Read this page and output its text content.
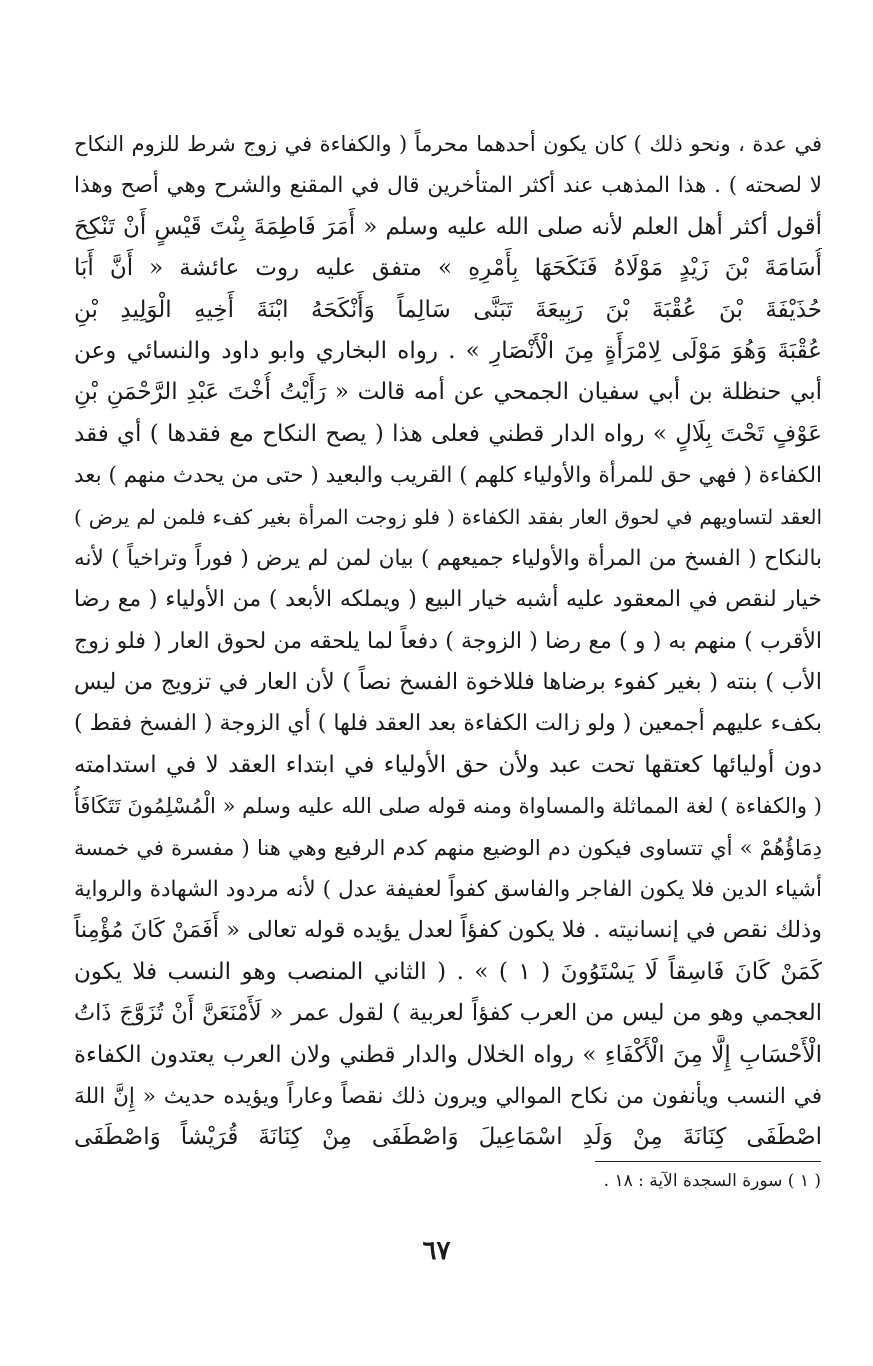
في عدة ، ونحو ذلك ) كان يكون أحدهما محرماً ( والكفاءة في زوج شرط للزوم النكاح
لا لصحته ) . هذا المذهب عند أكثر المتأخرين قال في المقنع والشرح وهي أصح وهذا
أقول أكثر أهل العلم لأنه صلى الله عليه وسلم « أَمَرَ فَاطِمَةَ بِنْتَ قَيْسٍ أَنْ تَنْكِحَ
أُسَامَةَ بْنَ زَيْدٍ مَوْلَاهُ فَنَكَحَهَا بِأَمْرِهِ » متفق عليه روت عائشة « أَنَّ أَبَا
حُذَيْفَةَ بْنَ عُقْبَةَ بْنَ رَبِيعَةَ تَبَنَّى سَالِماً وَأَنْكَحَهُ ابْنَةَ أَخِيهِ الْوَلِيدِ بْنِ
عُقْبَةَ وَهُوَ مَوْلَى لِامْرَأَةٍ مِنَ الْأَنْصَارِ » . رواه البخاري وابو داود والنسائي وعن
أبي حنظلة بن أبي سفيان الجمحي عن أمه قالت « رَأَيْتُ أُخْتَ عَبْدِ الرَّحْمَنِ بْنِ
عَوْفٍ تَحْتَ بِلَالٍ » رواه الدار قطني فعلى هذا ( يصح النكاح مع فقدها ) أي فقد
الكفاءة ( فهي حق للمرأة والأولياء كلهم ) القريب والبعيد ( حتى من يحدث منهم ) بعد
العقد لتساويهم في لحوق العار بفقد الكفاءة ( فلو زوجت المرأة بغير كفء فلمن لم يرض )
بالنكاح ( الفسخ من المرأة والأولياء جميعهم ) بيان لمن لم يرض ( فوراً وتراخياً ) لأنه
خيار لنقص في المعقود عليه أشبه خيار البيع ( ويملكه الأبعد ) من الأولياء ( مع رضا
الأقرب ) منهم به ( و ) مع رضا ( الزوجة ) دفعاً لما يلحقه من لحوق العار ( فلو زوج
الأب ) بنته ( بغير كفوء برضاها فللاخوة الفسخ نصاً ) لأن العار في تزويج من ليس
بكفء عليهم أجمعين ( ولو زالت الكفاءة بعد العقد فلها ) أي الزوجة ( الفسخ فقط )
دون أوليائها كعتقها تحت عبد ولأن حق الأولياء في ابتداء العقد لا في استدامته
( والكفاءة ) لغة المماثلة والمساواة ومنه قوله صلى الله عليه وسلم « الْمُسْلِمُونَ تَتَكَافَأُ
دِمَاؤُهُمْ » أي تتساوى فيكون دم الوضيع منهم كدم الرفيع وهي هنا ( مفسرة في خمسة
أشياء الدين فلا يكون الفاجر والفاسق كفواً لعفيفة عدل ) لأنه مردود الشهادة والرواية
وذلك نقص في إنسانيته . فلا يكون كفؤاً لعدل يؤيده قوله تعالى « أَفَمَنْ كَانَ مُؤْمِناً
كَمَنْ كَانَ فَاسِقاً لَا يَسْتَوُونَ ( ١ ) » . ( الثاني المنصب وهو النسب فلا يكون
العجمي وهو من ليس من العرب كفؤاً لعربية ) لقول عمر « لَأَمْنَعَنَّ أَنْ تُزَوَّجَ ذَاتُ
الْأَحْسَابِ إِلَّا مِنَ الْأَكْفَاءِ » رواه الخلال والدار قطني ولان العرب يعتدون الكفاءة
في النسب ويأنفون من نكاح الموالي ويرون ذلك نقصاً وعاراً ويؤيده حديث « إِنَّ اللهَ
اصْطَفَى كِنَانَةَ مِنْ وَلَدِ اسْمَاعِيلَ وَاصْطَفَى مِنْ كِنَانَةَ قُرَيْشاً وَاصْطَفَى
( ١ ) سورة السجدة الآية : ١٨ .
٦٧
